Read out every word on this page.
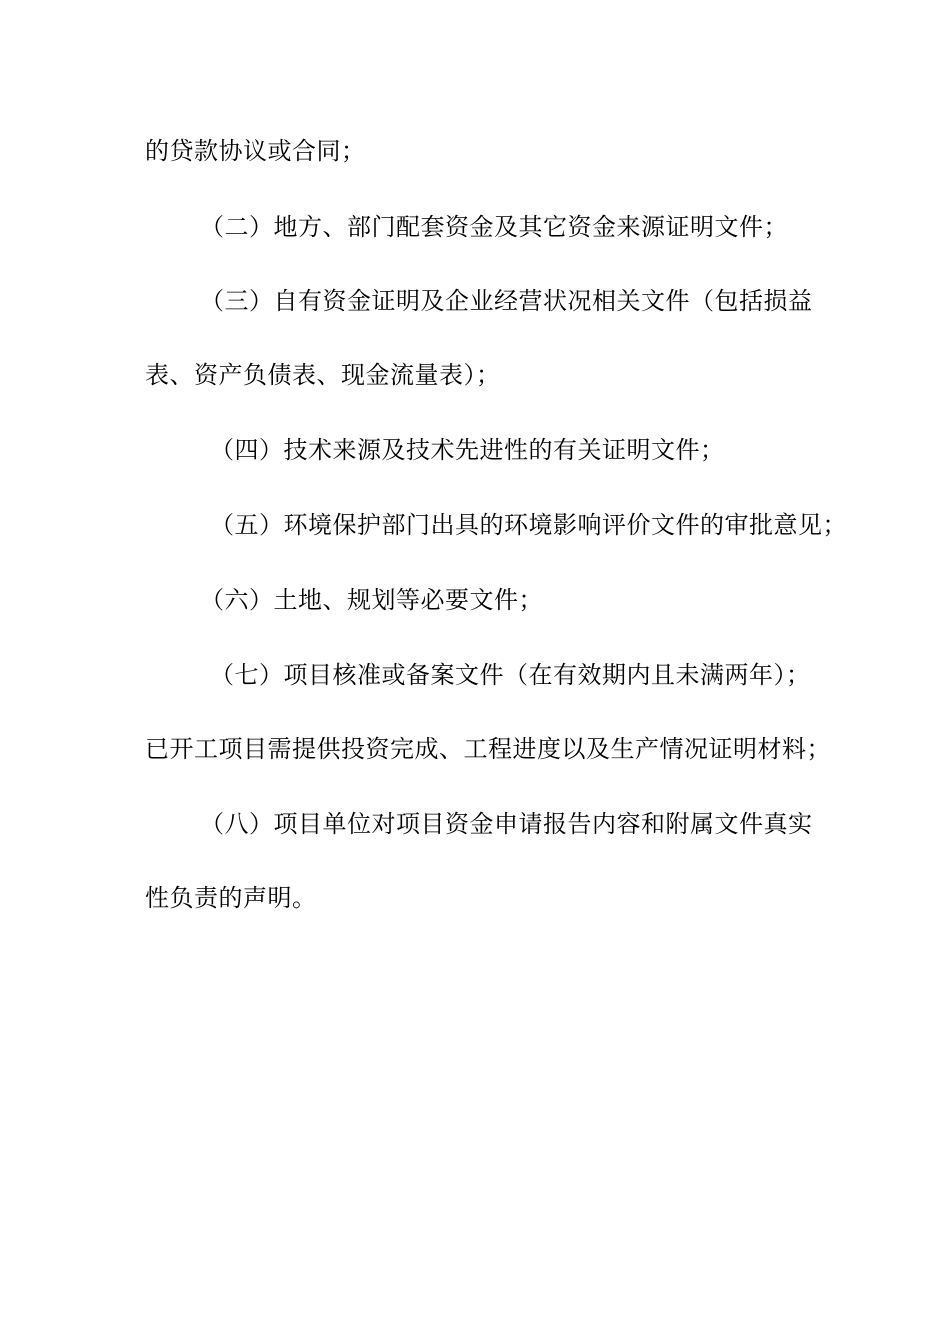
的贷款协议或合同；
（二）地方、部门配套资金及其它资金来源证明文件；
（三）自有资金证明及企业经营状况相关文件（包括损益
表、资产负债表、现金流量表）；
（四）技术来源及技术先进性的有关证明文件；
（五）环境保护部门出具的环境影响评价文件的审批意见；
（六）土地、规划等必要文件；
（七）项目核准或备案文件（在有效期内且未满两年）；
已开工项目需提供投资完成、工程进度以及生产情况证明材料；
（八）项目单位对项目资金申请报告内容和附属文件真实
性负责的声明。
